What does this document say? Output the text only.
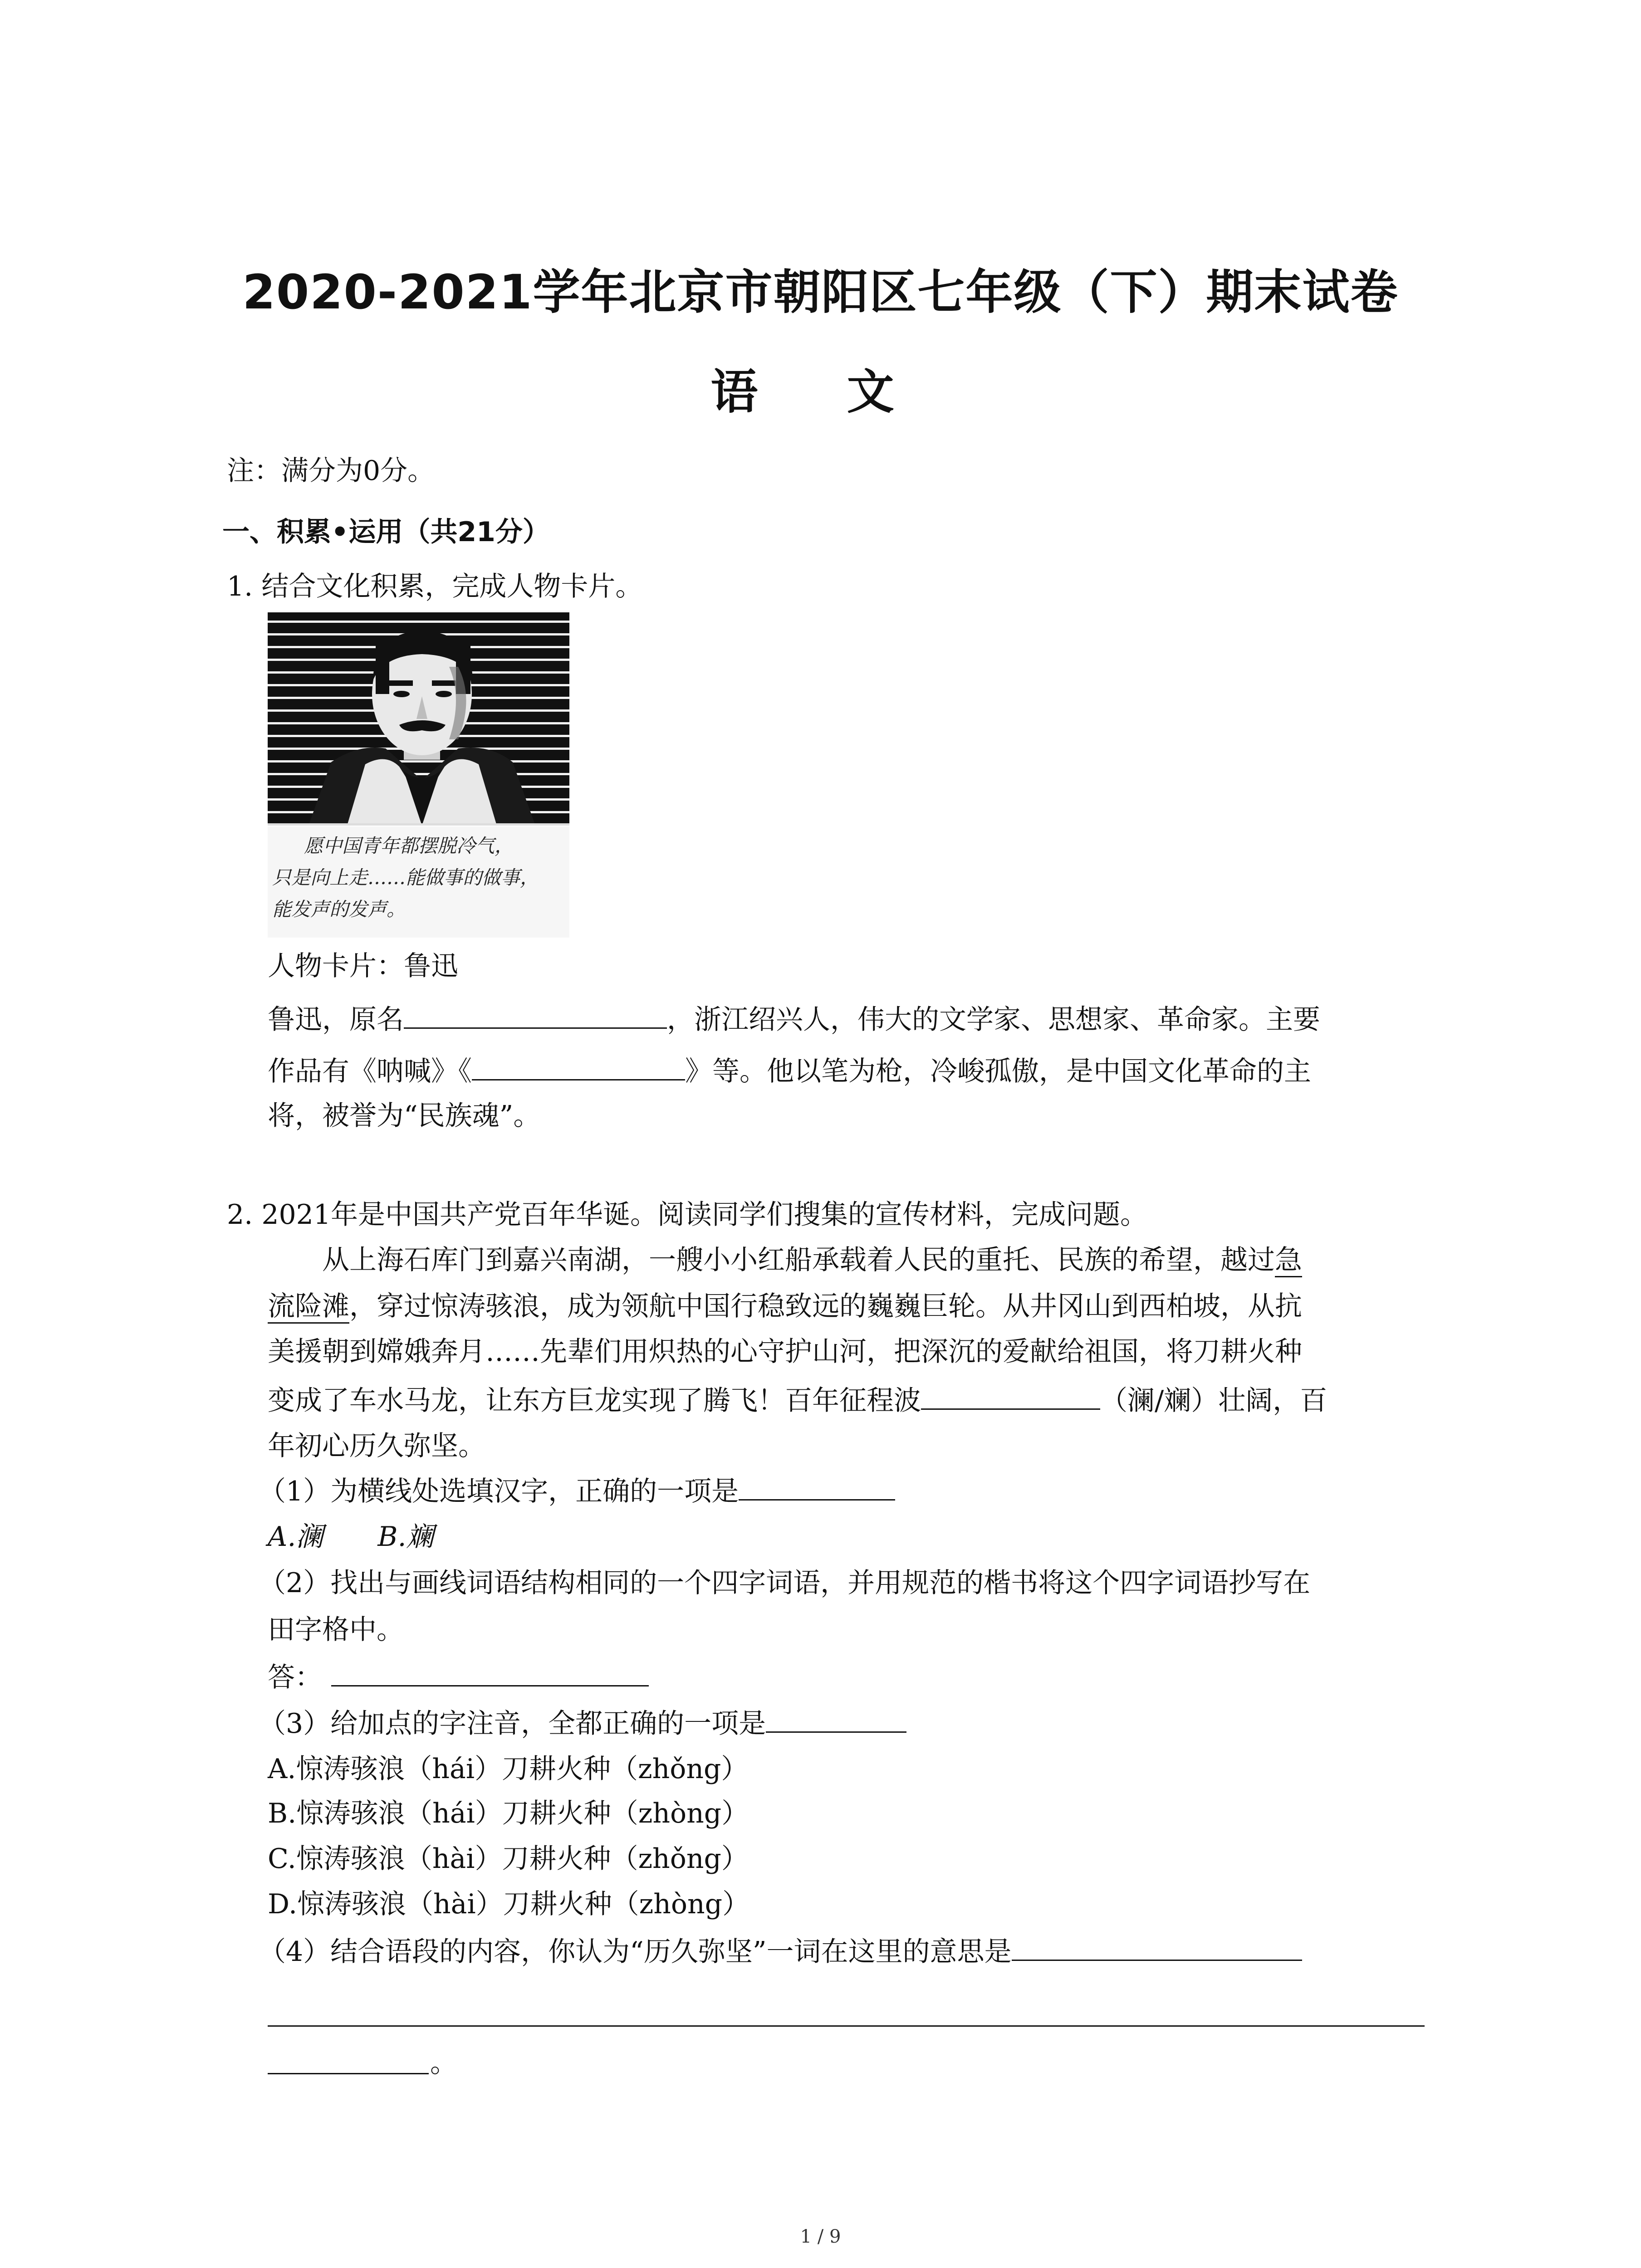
2020-2021学年北京市朝阳区七年级（下）期末试卷
语 文
注：满分为0分。
一、积累•运用（共21分）
1. 结合文化积累，完成人物卡片。
愿中国青年都摆脱冷气，
只是向上走……能做事的做事，
能发声的发声。
人物卡片：鲁迅
鲁迅，原名	，浙江绍兴人，伟大的文学家、思想家、革命家。主要
作品有《呐喊》《	》等。他以笔为枪，冷峻孤傲，是中国文化革命的主
将，被誉为“民族魂”。
2. 2021年是中国共产党百年华诞。阅读同学们搜集的宣传材料，完成问题。
从上海石库门到嘉兴南湖，一艘小小红船承载着人民的重托、民族的希望，越过急
流险滩，穿过惊涛骇浪，成为领航中国行稳致远的巍巍巨轮。从井冈山到西柏坡，从抗
美援朝到嫦娥奔月……先辈们用炽热的心守护山河，把深沉的爱献给祖国，将刀耕火种
变成了车水马龙，让东方巨龙实现了腾飞！百年征程波	（澜/斓）壮阔，百
年初心历久弥坚。
（1）为横线处选填汉字，正确的一项是
A.澜　　B.斓
（2）找出与画线词语结构相同的一个四字词语，并用规范的楷书将这个四字词语抄写在
田字格中。
答：
（3）给加点的字注音，全都正确的一项是
A.惊涛骇浪（hái）刀耕火种（zhǒng）
B.惊涛骇浪（hái）刀耕火种（zhòng）
C.惊涛骇浪（hài）刀耕火种（zhǒng）
D.惊涛骇浪（hài）刀耕火种（zhòng）
（4）结合语段的内容，你认为“历久弥坚”一词在这里的意思是
。
1 / 9
